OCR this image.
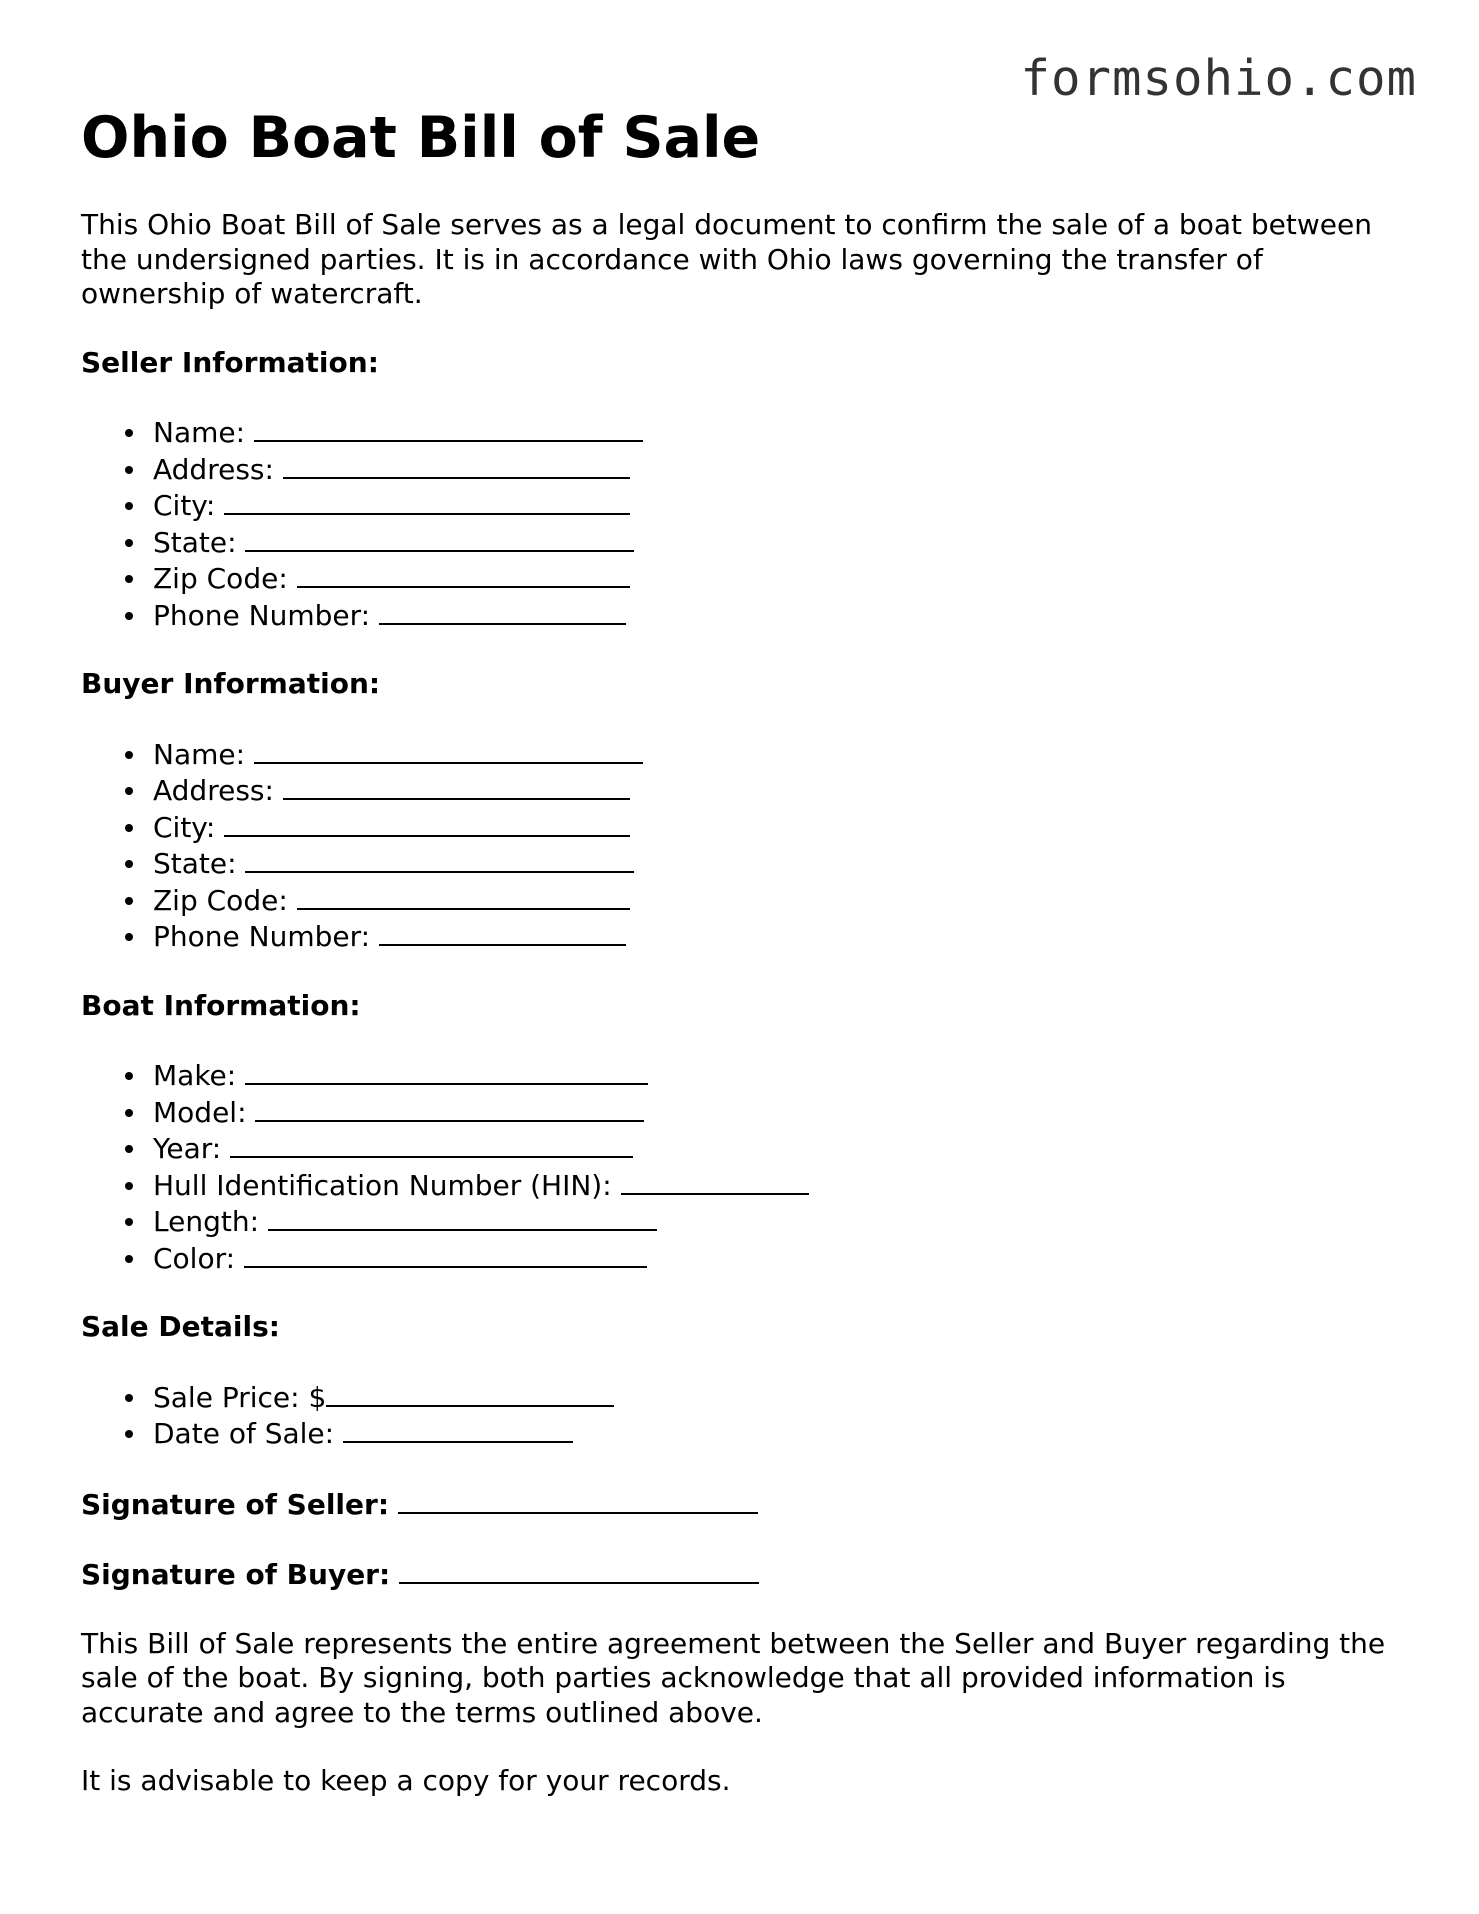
formsohio.com
Ohio Boat Bill of Sale

This Ohio Boat Bill of Sale serves as a legal document to confirm the sale of a boat between the undersigned parties. It is in accordance with Ohio laws governing the transfer of ownership of watercraft.

Seller Information:
Name:
Address:
City:
State:
Zip Code:
Phone Number:
Buyer Information:
Name:
Address:
City:
State:
Zip Code:
Phone Number:
Boat Information:
Make:
Model:
Year:
Hull Identification Number (HIN):
Length:
Color:
Sale Details:
Sale Price: $
Date of Sale:
Signature of Seller:
Signature of Buyer:

This Bill of Sale represents the entire agreement between the Seller and Buyer regarding the sale of the boat. By signing, both parties acknowledge that all provided information is accurate and agree to the terms outlined above.

It is advisable to keep a copy for your records.
